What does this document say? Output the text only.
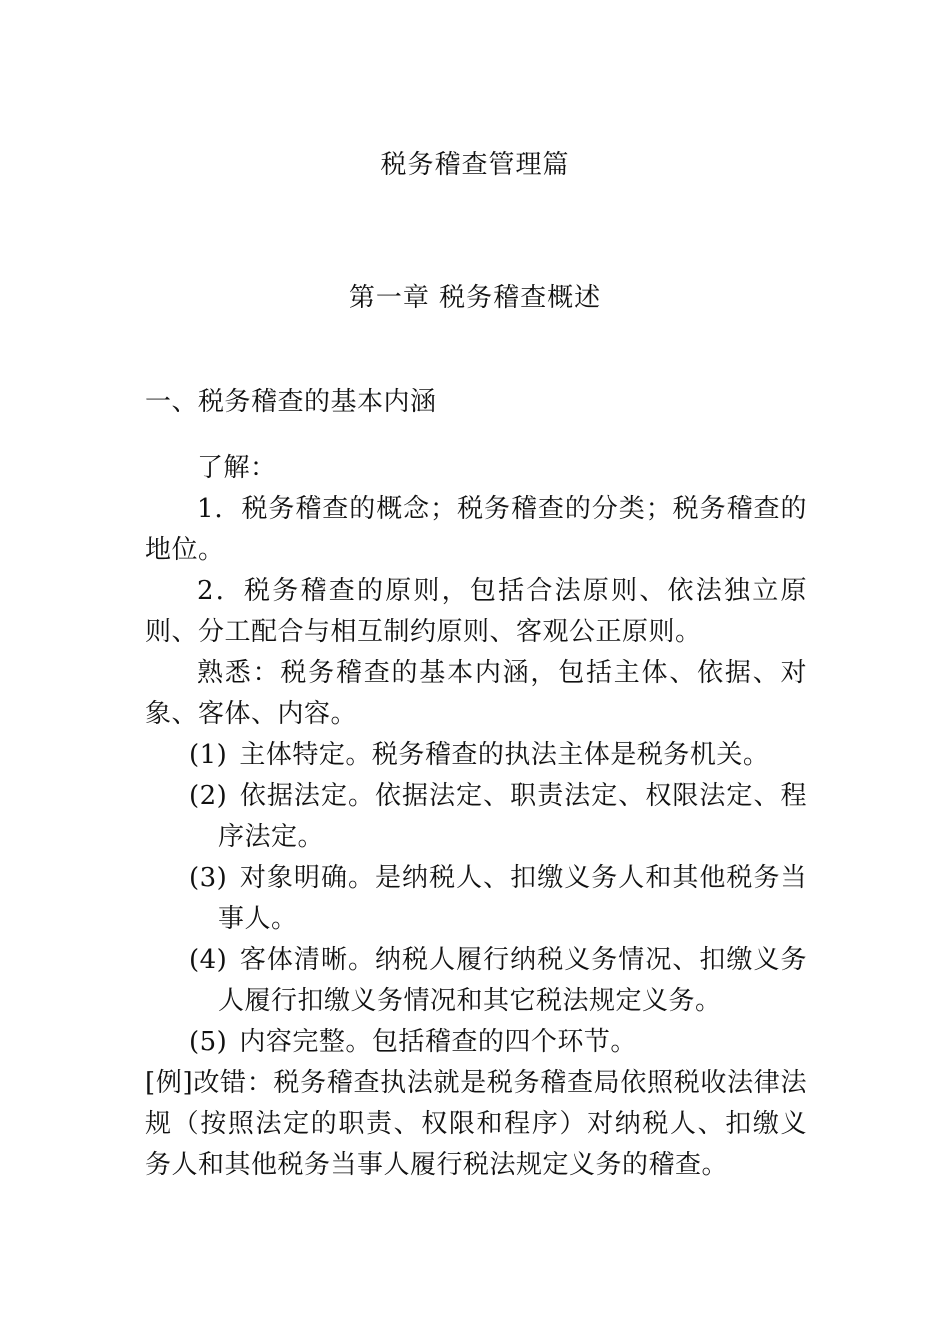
税务稽查管理篇
第一章 税务稽查概述

一、税务稽查的基本内涵

了解：

1．税务稽查的概念；税务稽查的分类；税务稽查的地位。

2．税务稽查的原则，包括合法原则、依法独立原则、分工配合与相互制约原则、客观公正原则。

熟悉：税务稽查的基本内涵，包括主体、依据、对象、客体、内容。

(1) 主体特定。税务稽查的执法主体是税务机关。

(2) 依据法定。依据法定、职责法定、权限法定、程序法定。

(3) 对象明确。是纳税人、扣缴义务人和其他税务当事人。

(4) 客体清晰。纳税人履行纳税义务情况、扣缴义务人履行扣缴义务情况和其它税法规定义务。

(5) 内容完整。包括稽查的四个环节。

[例]改错：税务稽查执法就是税务稽查局依照税收法律法规（按照法定的职责、权限和程序）对纳税人、扣缴义务人和其他税务当事人履行税法规定义务的稽查。
